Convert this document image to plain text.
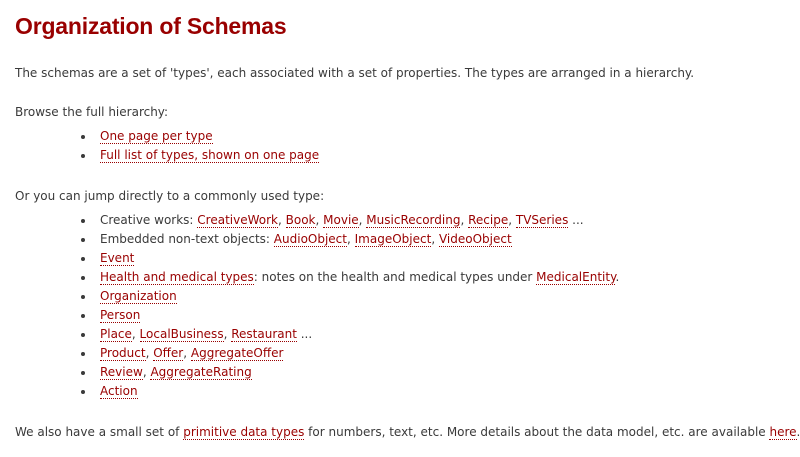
Organization of Schemas

The schemas are a set of 'types', each associated with a set of properties. The types are arranged in a hierarchy.

Browse the full hierarchy:

One page per type
Full list of types, shown on one page

Or you can jump directly to a commonly used type:

Creative works: CreativeWork, Book, Movie, MusicRecording, Recipe, TVSeries ...
Embedded non-text objects: AudioObject, ImageObject, VideoObject
Event
Health and medical types: notes on the health and medical types under MedicalEntity.
Organization
Person
Place, LocalBusiness, Restaurant ...
Product, Offer, AggregateOffer
Review, AggregateRating
Action

We also have a small set of primitive data types for numbers, text, etc. More details about the data model, etc. are available here.
